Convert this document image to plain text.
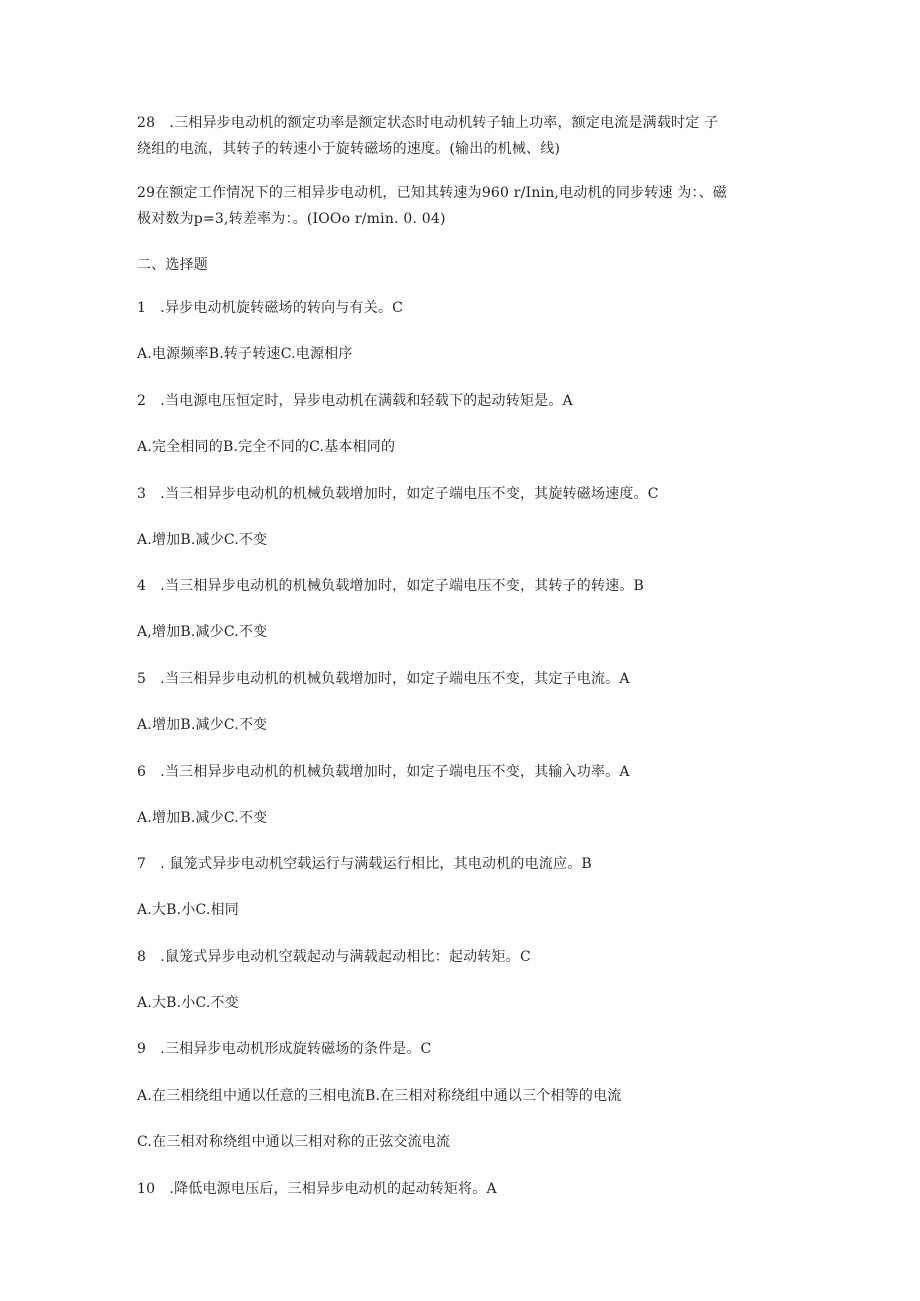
28　.三相异步电动机的额定功率是额定状态时电动机转子轴上功率，额定电流是满载时定 子
绕组的电流，其转子的转速小于旋转磁场的速度。(输出的机械、线)
29在额定工作情况下的三相异步电动机，已知其转速为960 r/Inin,电动机的同步转速 为：、磁
极对数为p=3,转差率为：。(IOOo r∕min. 0. 04)
二、选择题
1　.异步电动机旋转磁场的转向与有关。C
A.电源频率B.转子转速C.电源相序
2　.当电源电压恒定时，异步电动机在满载和轻载下的起动转矩是。A
A.完全相同的B.完全不同的C.基本相同的
3　.当三相异步电动机的机械负载增加时，如定子端电压不变，其旋转磁场速度。C
A.增加B.减少C.不变
4　.当三相异步电动机的机械负载增加时，如定子端电压不变，其转子的转速。B
A,增加B.减少C.不变
5　.当三相异步电动机的机械负载增加时，如定子端电压不变，其定子电流。A
A.增加B.减少C.不变
6　.当三相异步电动机的机械负载增加时，如定子端电压不变，其输入功率。A
A.增加B.减少C.不变
7　. 鼠笼式异步电动机空载运行与满载运行相比，其电动机的电流应。B
A.大B.小C.相同
8　.鼠笼式异步电动机空载起动与满载起动相比：起动转矩。C
A.大B.小C.不变
9　.三相异步电动机形成旋转磁场的条件是。C
A.在三相绕组中通以任意的三相电流B.在三相对称绕组中通以三个相等的电流
C.在三相对称绕组中通以三相对称的正弦交流电流
10　.降低电源电压后，三相异步电动机的起动转矩将。A
